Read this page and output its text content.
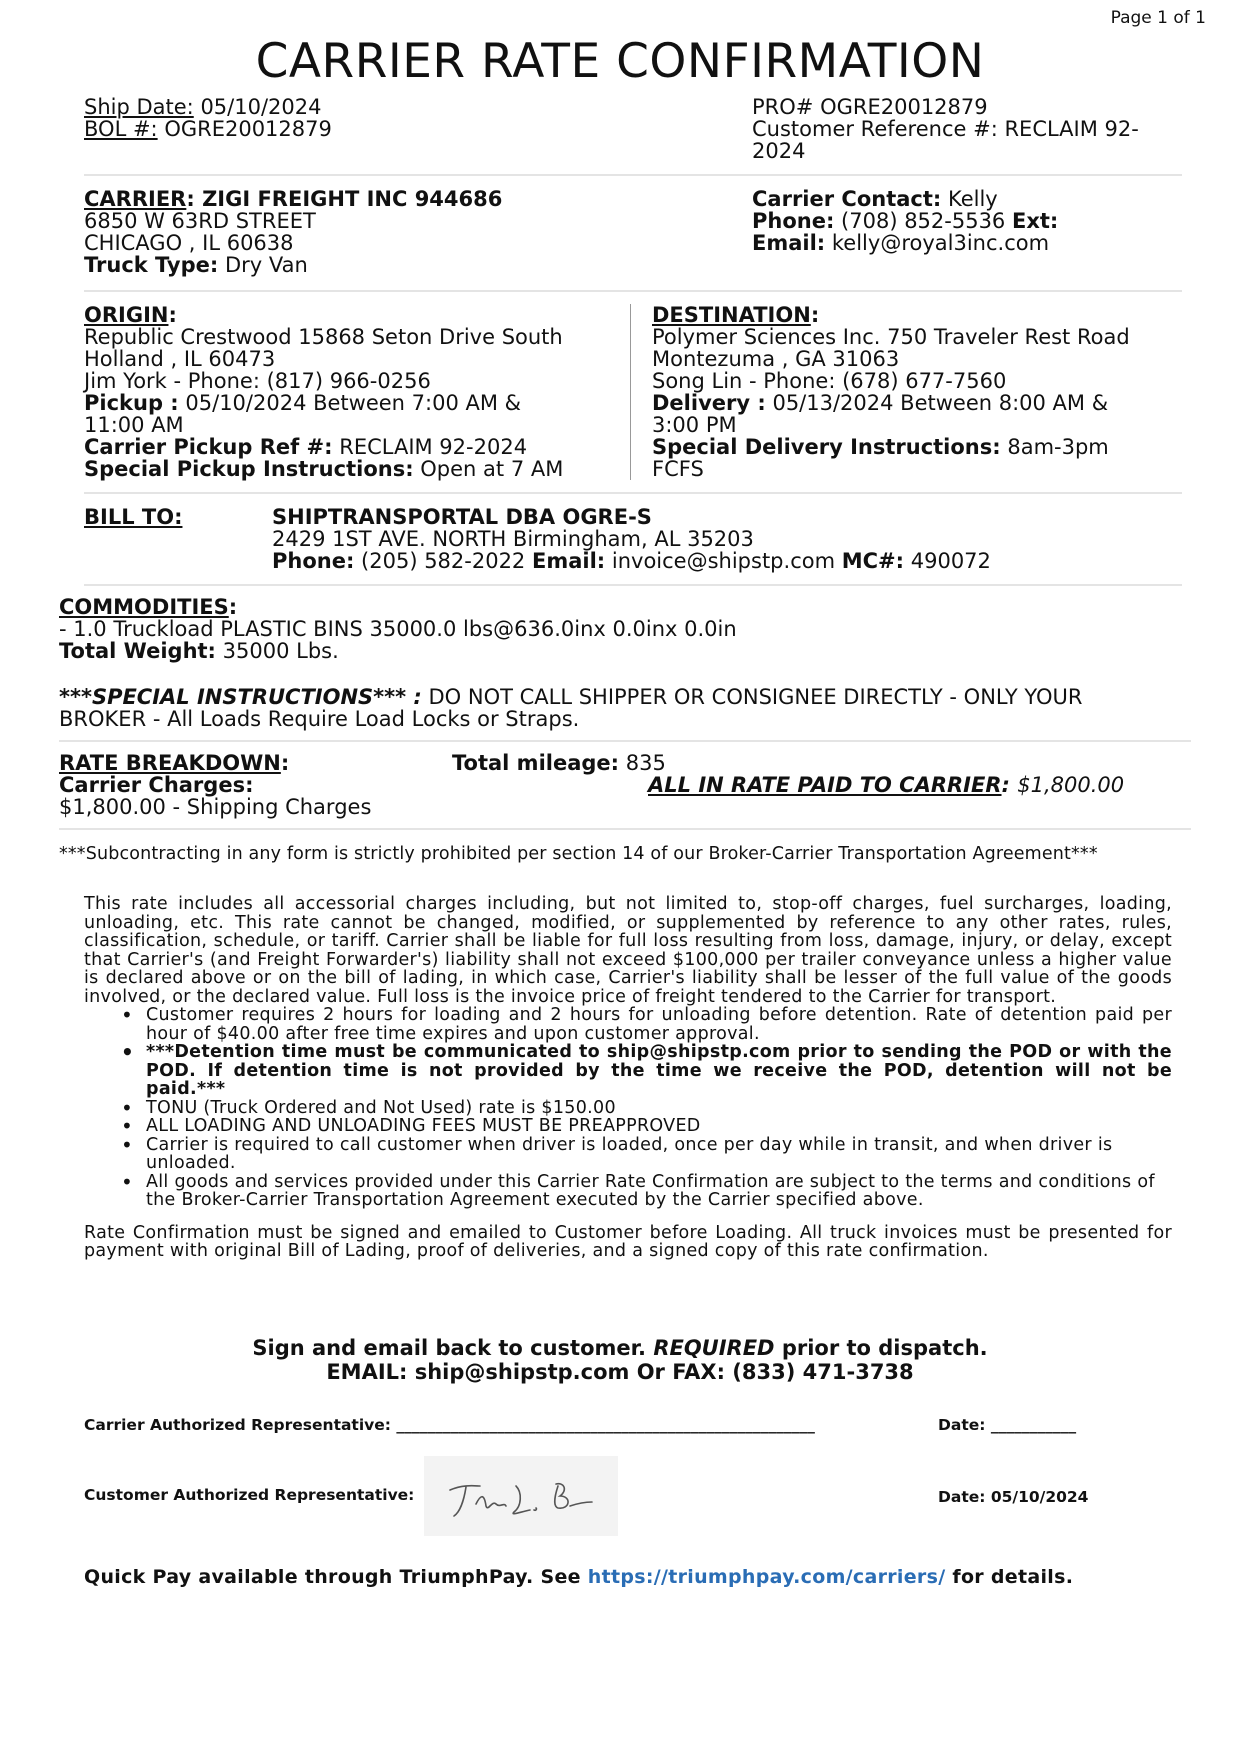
Page 1 of 1
CARRIER RATE CONFIRMATION
Ship Date: 05/10/2024
BOL #: OGRE20012879
PRO# OGRE20012879
Customer Reference #: RECLAIM 92-
2024
CARRIER: ZIGI FREIGHT INC 944686
6850 W 63RD STREET
CHICAGO , IL 60638
Truck Type: Dry Van
Carrier Contact: Kelly
Phone: (708) 852-5536 Ext:
Email: kelly@royal3inc.com
ORIGIN:
Republic Crestwood 15868 Seton Drive South
Holland , IL 60473
Jim York - Phone: (817) 966-0256
Pickup : 05/10/2024 Between 7:00 AM &
11:00 AM
Carrier Pickup Ref #: RECLAIM 92-2024
Special Pickup Instructions: Open at 7 AM
DESTINATION:
Polymer Sciences Inc. 750 Traveler Rest Road
Montezuma , GA 31063
Song Lin - Phone: (678) 677-7560
Delivery : 05/13/2024 Between 8:00 AM &
3:00 PM
Special Delivery Instructions: 8am-3pm
FCFS
BILL TO:	SHIPTRANSPORTAL DBA OGRE-S
2429 1ST AVE. NORTH Birmingham, AL 35203
Phone: (205) 582-2022 Email: invoice@shipstp.com MC#: 490072
COMMODITIES:
- 1.0 Truckload PLASTIC BINS 35000.0 lbs@636.0inx 0.0inx 0.0in
Total Weight: 35000 Lbs.
***SPECIAL INSTRUCTIONS*** : DO NOT CALL SHIPPER OR CONSIGNEE DIRECTLY - ONLY YOUR
BROKER - All Loads Require Load Locks or Straps.
RATE BREAKDOWN:	Total mileage: 835
Carrier Charges:	ALL IN RATE PAID TO CARRIER: $1,800.00
$1,800.00 - Shipping Charges
***Subcontracting in any form is strictly prohibited per section 14 of our Broker-Carrier Transportation Agreement***
This rate includes all accessorial charges including, but not limited to, stop-off charges, fuel surcharges, loading, unloading, etc. This rate cannot be changed, modified, or supplemented by reference to any other rates, rules, classification, schedule, or tariff. Carrier shall be liable for full loss resulting from loss, damage, injury, or delay, except that Carrier's (and Freight Forwarder's) liability shall not exceed $100,000 per trailer conveyance unless a higher value is declared above or on the bill of lading, in which case, Carrier's liability shall be lesser of the full value of the goods involved, or the declared value. Full loss is the invoice price of freight tendered to the Carrier for transport.
• Customer requires 2 hours for loading and 2 hours for unloading before detention. Rate of detention paid per hour of $40.00 after free time expires and upon customer approval.
• ***Detention time must be communicated to ship@shipstp.com prior to sending the POD or with the POD. If detention time is not provided by the time we receive the POD, detention will not be paid.***
• TONU (Truck Ordered and Not Used) rate is $150.00
• ALL LOADING AND UNLOADING FEES MUST BE PREAPPROVED
• Carrier is required to call customer when driver is loaded, once per day while in transit, and when driver is unloaded.
• All goods and services provided under this Carrier Rate Confirmation are subject to the terms and conditions of the Broker-Carrier Transportation Agreement executed by the Carrier specified above.
Rate Confirmation must be signed and emailed to Customer before Loading. All truck invoices must be presented for payment with original Bill of Lading, proof of deliveries, and a signed copy of this rate confirmation.
Sign and email back to customer. REQUIRED prior to dispatch.
EMAIL: ship@shipstp.com Or FAX: (833) 471-3738
Carrier Authorized Representative: ______________________________________________________	Date: ___________
Customer Authorized Representative:	Date: 05/10/2024
Quick Pay available through TriumphPay. See https://triumphpay.com/carriers/ for details.
